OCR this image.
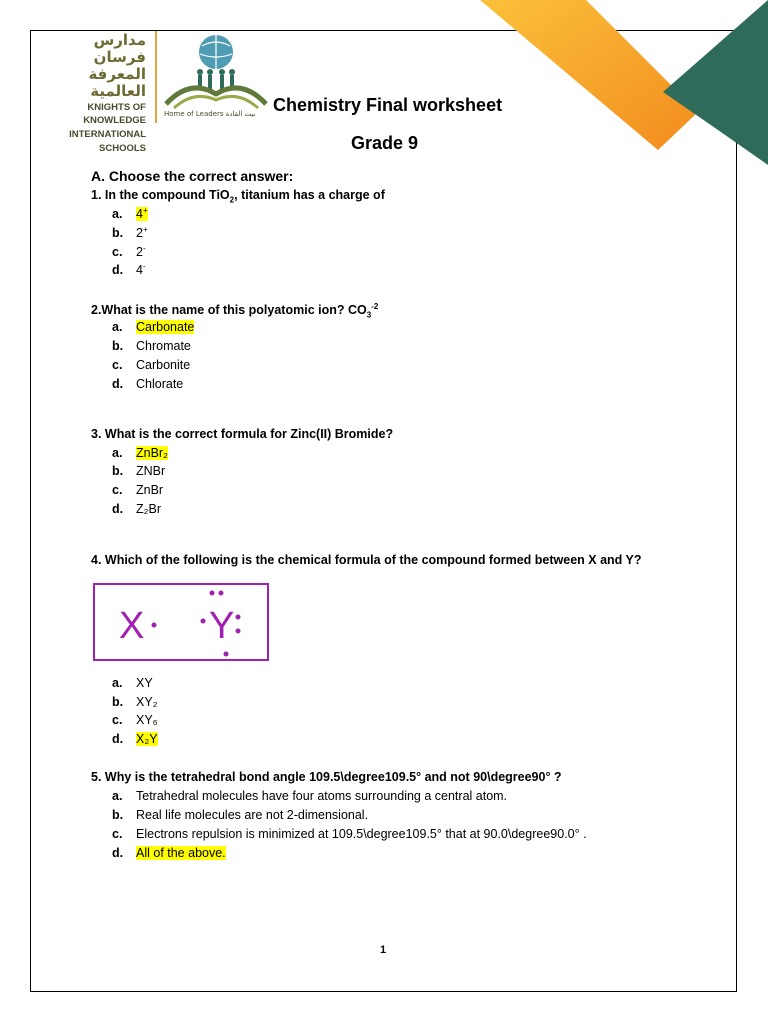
مدارس
فرسان المعرفة
العالمية
KNIGHTS OF KNOWLEDGE
INTERNATIONAL
SCHOOLS
Home of Leaders بيت القادة Chemistry Final worksheet
Grade 9
A. Choose the correct answer:
1. In the compound TiO$_2$, titanium has a charge of
a. 4+
b. 2+
c. 2-
d. 4-
2.What is the name of this polyatomic ion? $CO_3^{-2}$
a. Carbonate
b. Chromate
c. Carbonite
d. Chlorate
3. What is the correct formula for Zinc(II) Bromide?
a. ZnBr₂
b. ZNBr
c. ZnBr
d. Z₂Br
4. Which of the following is the chemical formula of the compound formed between X and Y?
X Y
a. XY
b. XY₂
c. XY₆
d. X₂Y
5. Why is the tetrahedral bond angle 109.5\degree109.5° and not 90\degree90° ?
a. Tetrahedral molecules have four atoms surrounding a central atom.
b. Real life molecules are not 2-dimensional.
c. Electrons repulsion is minimized at 109.5\degree109.5° that at 90.0\degree90.0° .
d. All of the above.
1
